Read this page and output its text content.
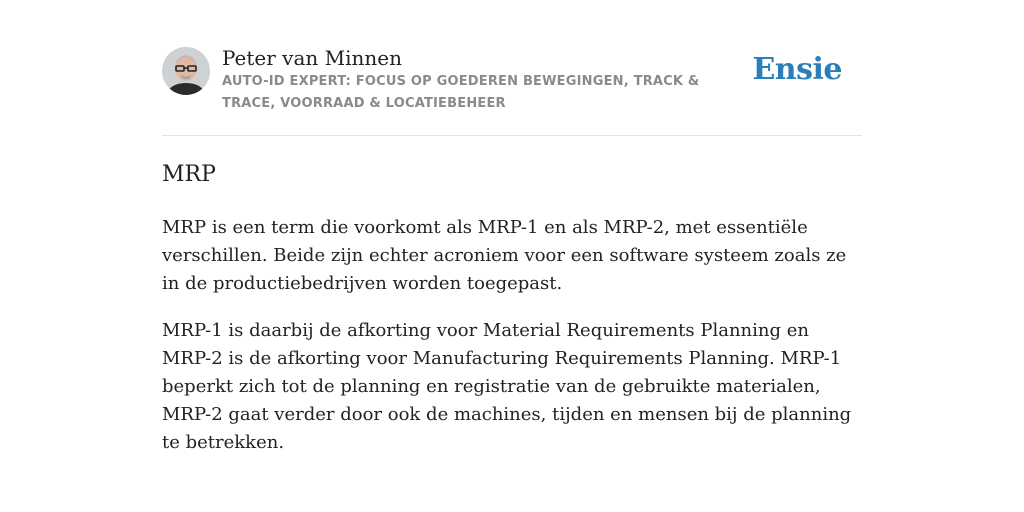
Peter van Minnen

AUTO-ID EXPERT: FOCUS OP GOEDEREN BEWEGINGEN, TRACK & TRACE, VOORRAAD & LOCATIEBEHEER
Ensie
MRP

MRP is een term die voorkomt als MRP-1 en als MRP-2, met essentiële verschillen. Beide zijn echter acroniem voor een software systeem zoals ze in de productiebedrijven worden toegepast.

MRP-1 is daarbij de afkorting voor Material Requirements Planning en MRP-2 is de afkorting voor Manufacturing Requirements Planning. MRP-1 beperkt zich tot de planning en registratie van de gebruikte materialen, MRP-2 gaat verder door ook de machines, tijden en mensen bij de planning te betrekken.
